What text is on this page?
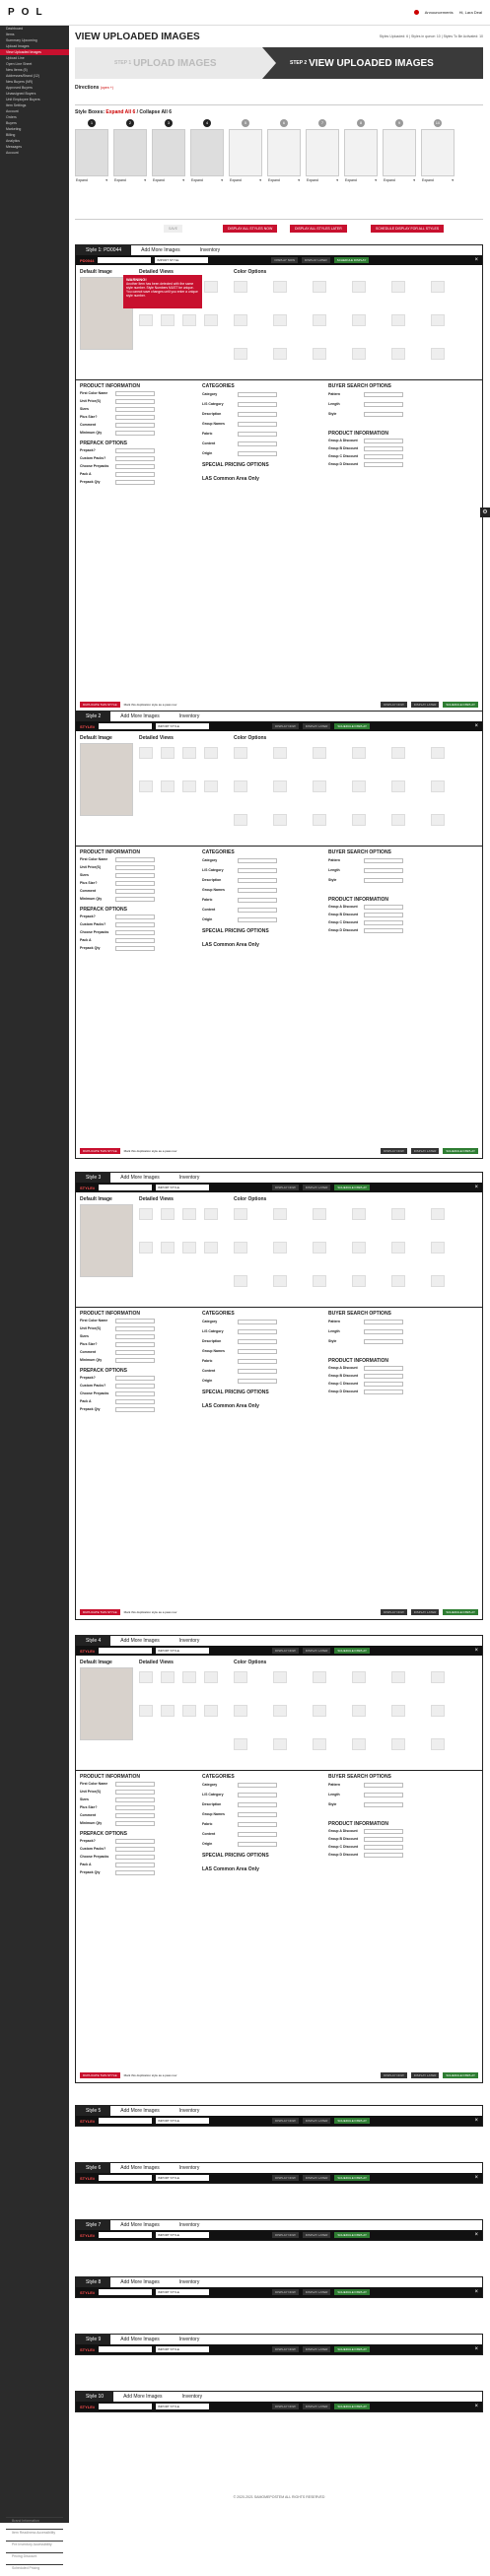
POL	Announcements Hi, Lara Deal
Dashboard
Items
Summary Upcoming
Upload Images
View Uploaded Images
Upload Line
Open Line Sheet
New Items (5)
Addresses/Brand (12)
New Buyers (NR)
Approved Buyers
Unassigned Buyers
Unit Employee Buyers
Item Settings
Account
Orders
Buyers
Marketing
Billing
Analytics
Messages
Account
Brand Information
Item Readiness Accessibility
Pre Inventory Accessibility
Pricing Discount
Scheduled Pricing
VIEW UPLOADED IMAGES	Styles Uploaded: 6 | Styles in queue: 10 | Styles To Be Activated: 10
STEP 1 UPLOAD IMAGES	STEP 2 VIEW UPLOADED IMAGES
Directions (open +)
Style Boxes: Expand All 6 / Collapse All 6
1
Expand	▾
2
Expand	▾
3
Expand	▾
4
Expand	▾
5
Expand	▾
6
Expand	▾
7
Expand	▾
8
Expand	▾
9
Expand	▾
10
Expand	▾
SAVE	DISPLAY ALL STYLES NOW	DISPLAY ALL STYLES LATER	SCHEDULE DISPLAY FOR ALL STYLES
Style 1: PD0044	Add More Images	Inventory
PD0044	IMPORT STYLE	DISPLAY NOW	DISPLAY LATER	SCHEDULE DISPLAY	×
Default Image	Detailed Views	Color Options
WARNING!
Another Item has been detected with the same style number. Style Numbers MUST be unique. You cannot save changes until you enter a unique style number.
PRODUCT INFORMATION
First Color Name
Unit Price(S)
Sizes
Plus Size?
Comment
Minimum Qty
PREPACK OPTIONS
Prepack?
Custom Packs?
Choose Prepacks
Pack A
Prepack Qty
CATEGORIES
Category
L/S Category
Description
Group Names
Fabric
Content
Origin
SPECIAL PRICING OPTIONS
LAS Common Area Only
BUYER SEARCH OPTIONS
Pattern
Length
Style
PRODUCT INFORMATION
Group A Discount
Group B Discount
Group C Discount
Group D Discount
DUPLICATE THIS STYLE	Mark this duplication style as a pass row	DISPLAY NOW	DISPLAY LATER	SCHEDULE DISPLAY
Style 2	Add More Images	Inventory
STYLE#	IMPORT STYLE	DISPLAY NOW	DISPLAY LATER	SCHEDULE DISPLAY	×
Default Image	Detailed Views	Color Options
PRODUCT INFORMATION
First Color Name
Unit Price(S)
Sizes
Plus Size?
Comment
Minimum Qty
PREPACK OPTIONS
Prepack?
Custom Packs?
Choose Prepacks
Pack A
Prepack Qty
CATEGORIES
Category
L/S Category
Description
Group Names
Fabric
Content
Origin
SPECIAL PRICING OPTIONS
LAS Common Area Only
BUYER SEARCH OPTIONS
Pattern
Length
Style
PRODUCT INFORMATION
Group A Discount
Group B Discount
Group C Discount
Group D Discount
DUPLICATE THIS STYLE	Mark this duplication style as a pass row	DISPLAY NOW	DISPLAY LATER	SCHEDULE DISPLAY
Style 3	Add More Images	Inventory
STYLE#	IMPORT STYLE	DISPLAY NOW	DISPLAY LATER	SCHEDULE DISPLAY	×
Default Image	Detailed Views	Color Options
PRODUCT INFORMATION
First Color Name
Unit Price(S)
Sizes
Plus Size?
Comment
Minimum Qty
PREPACK OPTIONS
Prepack?
Custom Packs?
Choose Prepacks
Pack A
Prepack Qty
CATEGORIES
Category
L/S Category
Description
Group Names
Fabric
Content
Origin
SPECIAL PRICING OPTIONS
LAS Common Area Only
BUYER SEARCH OPTIONS
Pattern
Length
Style
PRODUCT INFORMATION
Group A Discount
Group B Discount
Group C Discount
Group D Discount
DUPLICATE THIS STYLE	Mark this duplication style as a pass row	DISPLAY NOW	DISPLAY LATER	SCHEDULE DISPLAY
Style 4	Add More Images	Inventory
STYLE#	IMPORT STYLE	DISPLAY NOW	DISPLAY LATER	SCHEDULE DISPLAY	×
Default Image	Detailed Views	Color Options
PRODUCT INFORMATION
First Color Name
Unit Price(S)
Sizes
Plus Size?
Comment
Minimum Qty
PREPACK OPTIONS
Prepack?
Custom Packs?
Choose Prepacks
Pack A
Prepack Qty
CATEGORIES
Category
L/S Category
Description
Group Names
Fabric
Content
Origin
SPECIAL PRICING OPTIONS
LAS Common Area Only
BUYER SEARCH OPTIONS
Pattern
Length
Style
PRODUCT INFORMATION
Group A Discount
Group B Discount
Group C Discount
Group D Discount
DUPLICATE THIS STYLE	Mark this duplication style as a pass row	DISPLAY NOW	DISPLAY LATER	SCHEDULE DISPLAY
Style 5	Add More Images	Inventory
STYLE#	IMPORT STYLE	DISPLAY NOW	DISPLAY LATER	SCHEDULE DISPLAY	×
Style 6	Add More Images	Inventory
STYLE#	IMPORT STYLE	DISPLAY NOW	DISPLAY LATER	SCHEDULE DISPLAY	×
Style 7	Add More Images	Inventory
STYLE#	IMPORT STYLE	DISPLAY NOW	DISPLAY LATER	SCHEDULE DISPLAY	×
Style 8	Add More Images	Inventory
STYLE#	IMPORT STYLE	DISPLAY NOW	DISPLAY LATER	SCHEDULE DISPLAY	×
Style 9	Add More Images	Inventory
STYLE#	IMPORT STYLE	DISPLAY NOW	DISPLAY LATER	SCHEDULE DISPLAY	×
Style 10	Add More Images	Inventory
STYLE#	IMPORT STYLE	DISPLAY NOW	DISPLAY LATER	SCHEDULE DISPLAY	×
⚙
© 2020-2021 SAMOMEPOSTEM ALL RIGHTS RESERVED
